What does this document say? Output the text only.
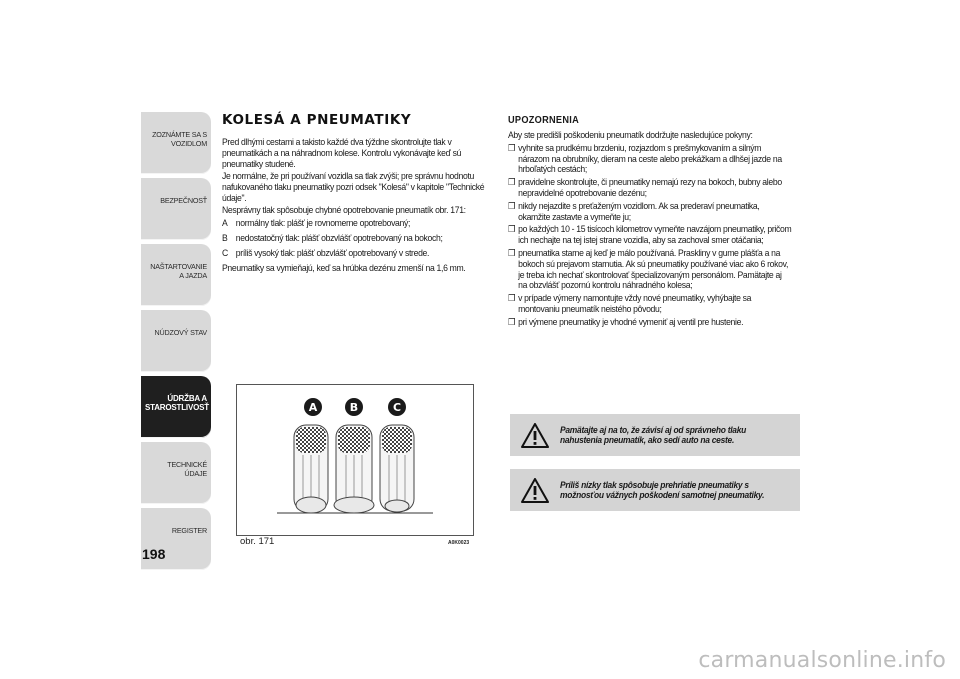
ZOZNÁMTE SA S VOZIDLOM
BEZPEČNOSŤ
NAŠTARTOVANIE A JAZDA
NÚDZOVÝ STAV
ÚDRŽBA A STAROSTLIVOSŤ
TECHNICKÉ ÚDAJE
REGISTER
198
KOLESÁ A PNEUMATIKY

Pred dlhými cestami a takisto každé dva týždne skontrolujte tlak v pneumatikách a na náhradnom kolese. Kontrolu vykonávajte keď sú pneumatiky studené.

Je normálne, že pri používaní vozidla sa tlak zvýši; pre správnu hodnotu nafukovaného tlaku pneumatiky pozri odsek "Kolesá" v kapitole "Technické údaje".

Nesprávny tlak spôsobuje chybné opotrebovanie pneumatík obr. 171:

A normálny tlak: plášť je rovnomerne opotrebovaný;
B nedostatočný tlak: plášť obzvlášť opotrebovaný na bokoch;
C príliš vysoký tlak: plášť obzvlášť opotrebovaný v strede.

Pneumatiky sa vymieňajú, keď sa hrúbka dezénu zmenší na 1,6 mm.

A	B	C
obr. 171	A0K0023
UPOZORNENIA

Aby ste predišli poškodeniu pneumatík dodržujte nasledujúce pokyny:

❒ vyhnite sa prudkému brzdeniu, rozjazdom s prešmykovaním a silným nárazom na obrubníky, dieram na ceste alebo prekážkam a dlhšej jazde na hrboľatých cestách;
❒ pravidelne skontrolujte, či pneumatiky nemajú rezy na bokoch, bubny alebo nepravidelné opotrebovanie dezénu;
❒ nikdy nejazdite s preťaženým vozidlom. Ak sa prederaví pneumatika, okamžite zastavte a vymeňte ju;
❒ po každých 10 - 15 tisícoch kilometrov vymeňte navzájom pneumatiky, pričom ich nechajte na tej istej strane vozidla, aby sa zachoval smer otáčania;
❒ pneumatika starne aj keď je málo používaná. Praskliny v gume plášťa a na bokoch sú prejavom starnutia. Ak sú pneumatiky používané viac ako 6 rokov, je treba ich nechať skontrolovať špecializovaným personálom. Pamätajte aj na obzvlášť pozornú kontrolu náhradného kolesa;
❒ v prípade výmeny namontujte vždy nové pneumatiky, vyhýbajte sa montovaniu pneumatík neistého pôvodu;
❒ pri výmene pneumatiky je vhodné vymeniť aj ventil pre hustenie.
Pamätajte aj na to, že závisí aj od správneho tlaku nahustenia pneumatík, ako sedí auto na ceste.
Príliš nízky tlak spôsobuje prehriatie pneumatiky s možnosťou vážnych poškodení samotnej pneumatiky.
carmanualsonline.info
